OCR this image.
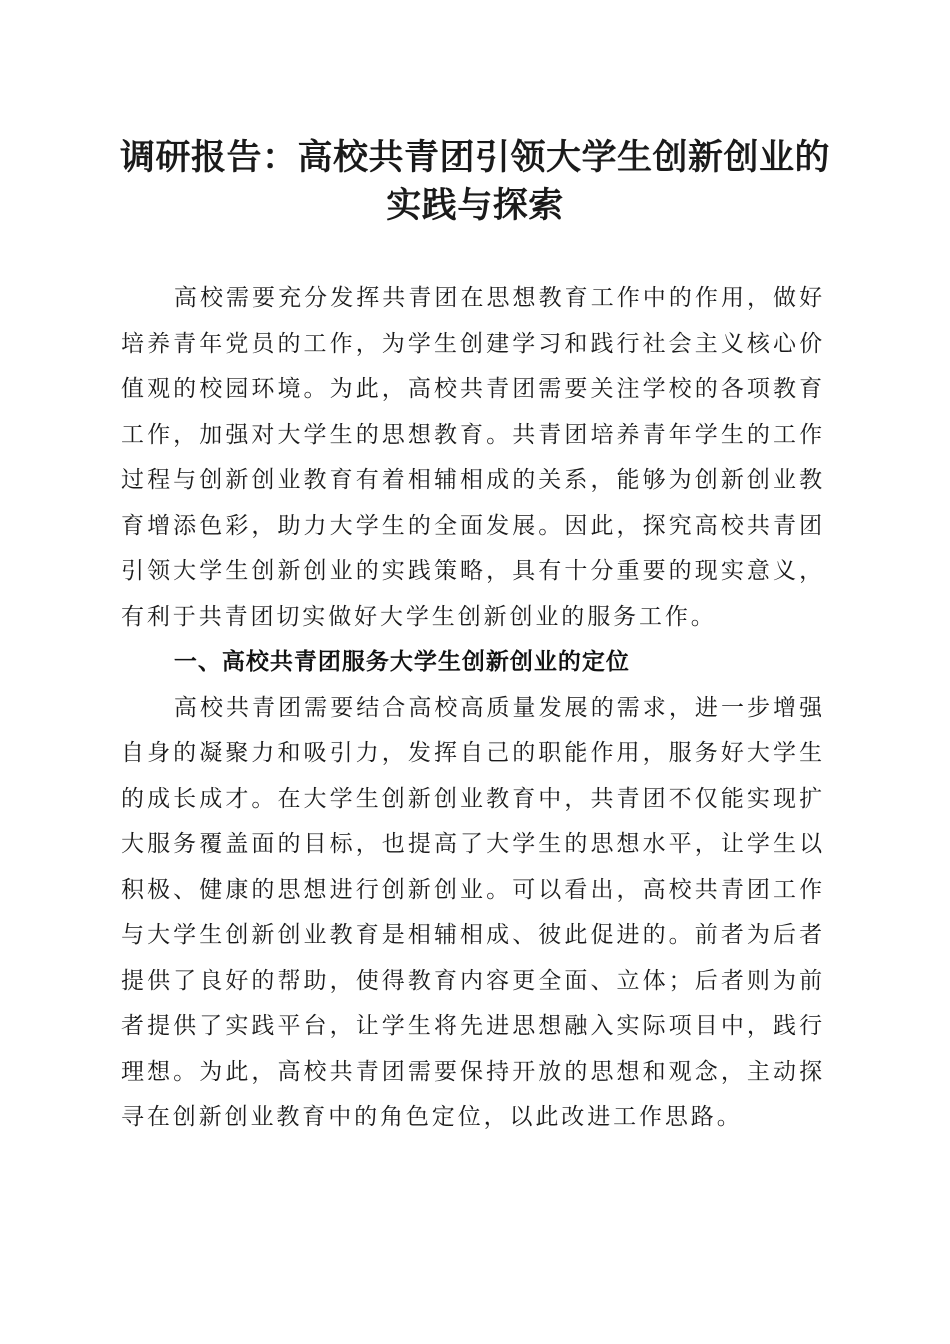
调研报告：高校共青团引领大学生创新创业的
实践与探索

高校需要充分发挥共青团在思想教育工作中的作用，做好培养青年党员的工作，为学生创建学习和践行社会主义核心价值观的校园环境。为此，高校共青团需要关注学校的各项教育工作，加强对大学生的思想教育。共青团培养青年学生的工作过程与创新创业教育有着相辅相成的关系，能够为创新创业教育增添色彩，助力大学生的全面发展。因此，探究高校共青团引领大学生创新创业的实践策略，具有十分重要的现实意义，有利于共青团切实做好大学生创新创业的服务工作。

一、高校共青团服务大学生创新创业的定位

高校共青团需要结合高校高质量发展的需求，进一步增强自身的凝聚力和吸引力，发挥自己的职能作用，服务好大学生的成长成才。在大学生创新创业教育中，共青团不仅能实现扩大服务覆盖面的目标，也提高了大学生的思想水平，让学生以积极、健康的思想进行创新创业。可以看出，高校共青团工作与大学生创新创业教育是相辅相成、彼此促进的。前者为后者提供了良好的帮助，使得教育内容更全面、立体；后者则为前者提供了实践平台，让学生将先进思想融入实际项目中，践行理想。为此，高校共青团需要保持开放的思想和观念，主动探寻在创新创业教育中的角色定位，以此改进工作思路。
